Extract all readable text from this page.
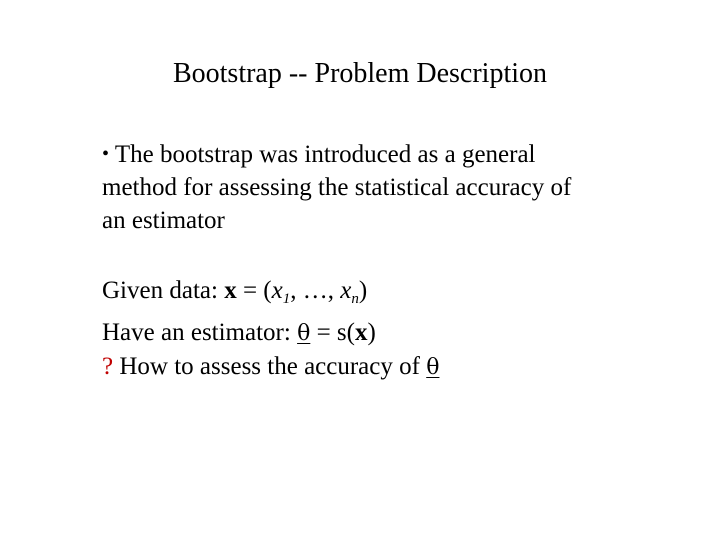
Bootstrap -- Problem Description
• The bootstrap was introduced as a general
method for assessing the statistical accuracy of
an estimator
Given data: $x = (x_1$, …, $x_n$)
Have an estimator: θ = s(x)
? How to assess the accuracy of θ
